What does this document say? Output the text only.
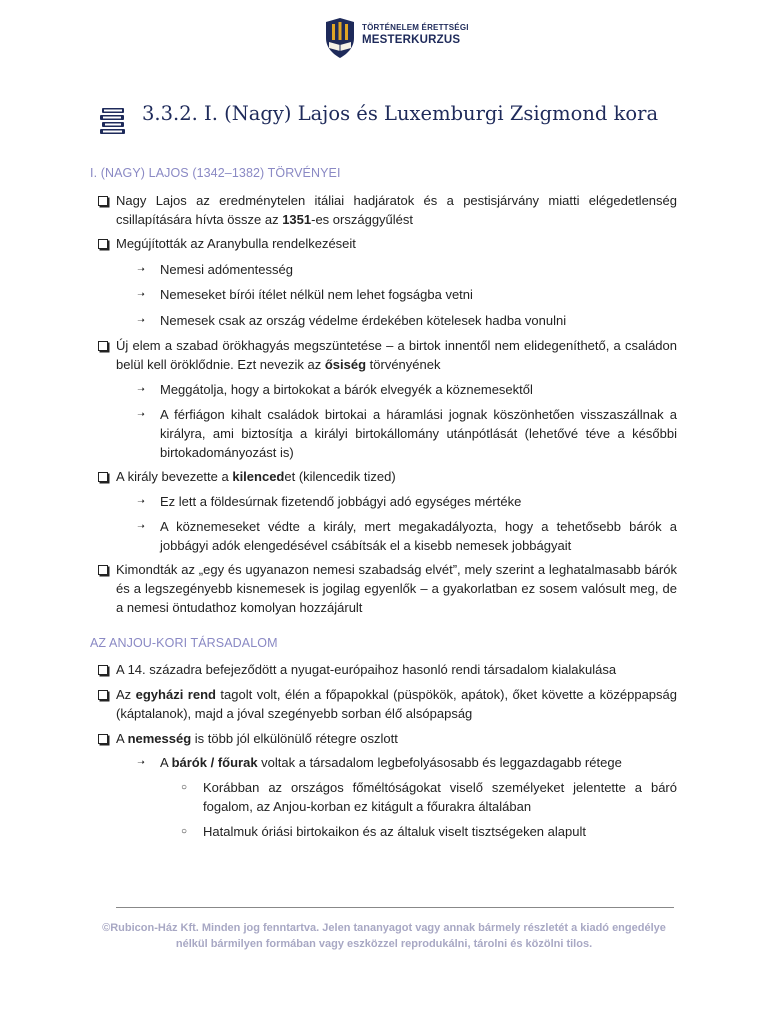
TÖRTÉNELEM ÉRETTSÉGI
MESTERKURZUS
3.3.2. I. (Nagy) Lajos és Luxemburgi Zsigmond kora
I. (NAGY) LAJOS (1342–1382) TÖRVÉNYEI
Nagy Lajos az eredménytelen itáliai hadjáratok és a pestisjárvány miatti elégedetlenség csillapítására hívta össze az 1351-es országgyűlést
Megújították az Aranybulla rendelkezéseit
➝ Nemesi adómentesség
➝ Nemeseket bírói ítélet nélkül nem lehet fogságba vetni
➝ Nemesek csak az ország védelme érdekében kötelesek hadba vonulni
Új elem a szabad örökhagyás megszüntetése – a birtok innentől nem elidegeníthető, a családon belül kell öröklődnie. Ezt nevezik az ősiség törvényének
➝ Meggátolja, hogy a birtokokat a bárók elvegyék a köznemesektől
➝ A férfiágon kihalt családok birtokai a háramlási jognak köszönhetően visszaszállnak a királyra, ami biztosítja a királyi birtokállomány utánpótlását (lehetővé téve a későbbi birtokadományozást is)
A király bevezette a kilencedet (kilencedik tized)
➝ Ez lett a földesúrnak fizetendő jobbágyi adó egységes mértéke
➝ A köznemeseket védte a király, mert megakadályozta, hogy a tehetősebb bárók a jobbágyi adók elengedésével csábítsák el a kisebb nemesek jobbágyait
Kimondták az „egy és ugyanazon nemesi szabadság elvét”, mely szerint a leghatalmasabb bárók és a legszegényebb kisnemesek is jogilag egyenlők – a gyakorlatban ez sosem valósult meg, de a nemesi öntudathoz komolyan hozzájárult
AZ ANJOU-KORI TÁRSADALOM
A 14. századra befejeződött a nyugat-európaihoz hasonló rendi társadalom kialakulása
Az egyházi rend tagolt volt, élén a főpapokkal (püspökök, apátok), őket követte a középpapság (káptalanok), majd a jóval szegényebb sorban élő alsópapság
A nemesség is több jól elkülönülő rétegre oszlott
➝ A bárók / főurak voltak a társadalom legbefolyásosabb és leggazdagabb rétege
○	Korábban az országos főméltóságokat viselő személyeket jelentette a báró fogalom, az Anjou-korban ez kitágult a főurakra általában
○	Hatalmuk óriási birtokaikon és az általuk viselt tisztségeken alapult
©Rubicon-Ház Kft. Minden jog fenntartva. Jelen tananyagot vagy annak bármely részletét a kiadó engedélye nélkül bármilyen formában vagy eszközzel reprodukálni, tárolni és közölni tilos.
